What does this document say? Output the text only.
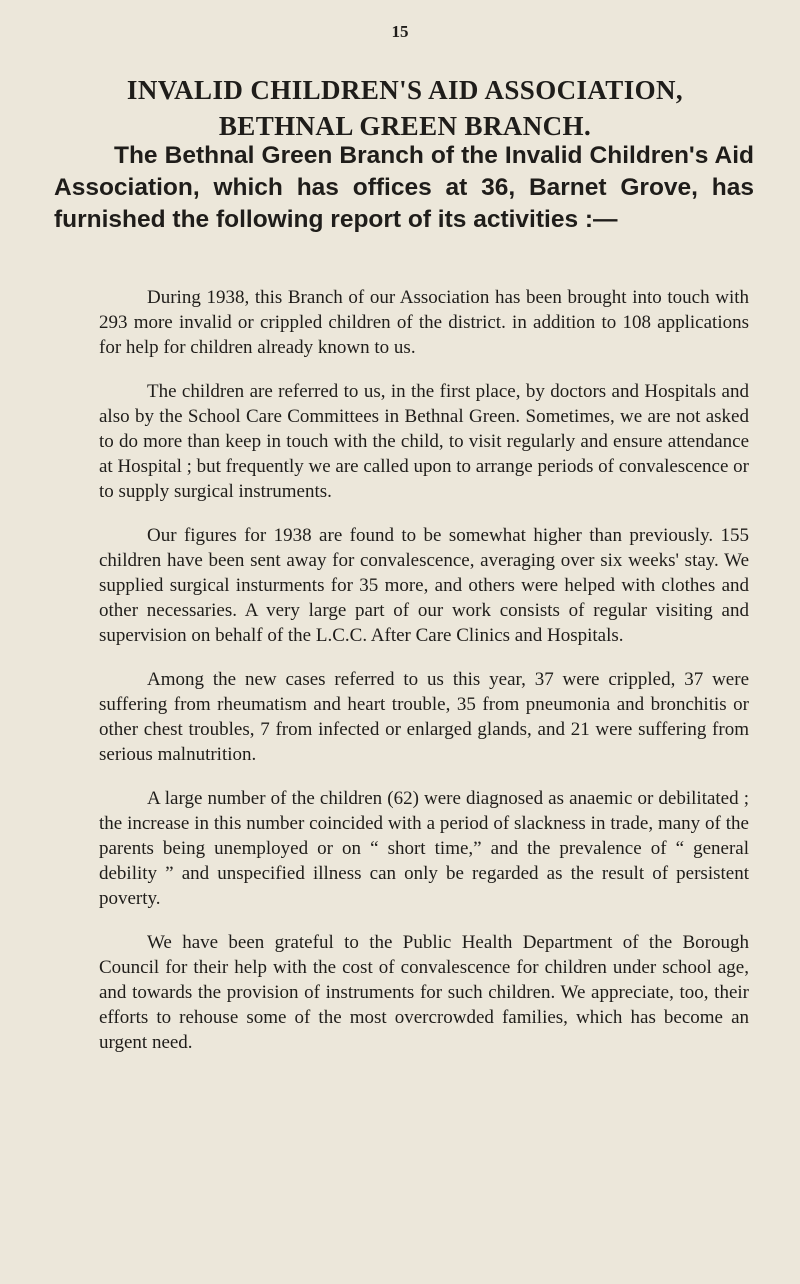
15
INVALID CHILDREN'S AID ASSOCIATION,
BETHNAL GREEN BRANCH.
The Bethnal Green Branch of the Invalid Children's Aid Association, which has offices at 36, Barnet Grove, has furnished the following report of its activities :—

During 1938, this Branch of our Association has been brought into touch with 293 more invalid or crippled children of the district. in addition to 108 applications for help for children already known to us.

The children are referred to us, in the first place, by doctors and Hospitals and also by the School Care Committees in Bethnal Green. Sometimes, we are not asked to do more than keep in touch with the child, to visit regularly and ensure attendance at Hospital ; but frequently we are called upon to arrange periods of convalescence or to supply surgical instruments.

Our figures for 1938 are found to be somewhat higher than previously. 155 children have been sent away for convalescence, averaging over six weeks' stay. We supplied surgical insturments for 35 more, and others were helped with clothes and other necessaries. A very large part of our work consists of regular visiting and supervision on behalf of the L.C.C. After Care Clinics and Hospitals.

Among the new cases referred to us this year, 37 were crippled, 37 were suffering from rheumatism and heart trouble, 35 from pneumonia and bronchitis or other chest troubles, 7 from infected or enlarged glands, and 21 were suffering from serious malnutrition.

A large number of the children (62) were diagnosed as anaemic or debilitated ; the increase in this number coincided with a period of slackness in trade, many of the parents being unemployed or on “ short time,” and the prevalence of “ general debility ” and unspecified illness can only be regarded as the result of persistent poverty.

We have been grateful to the Public Health Department of the Borough Council for their help with the cost of convalescence for children under school age, and towards the provision of instruments for such children. We appreciate, too, their efforts to rehouse some of the most overcrowded families, which has become an urgent need.
